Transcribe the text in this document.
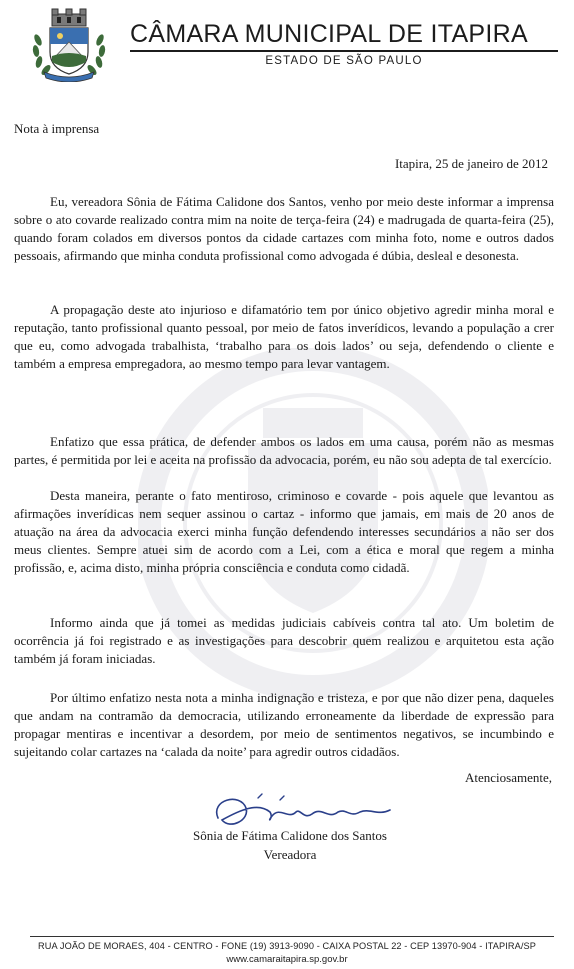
CÂMARA MUNICIPAL DE ITAPIRA
ESTADO DE SÃO PAULO
Nota à imprensa
Itapira, 25 de janeiro de 2012

Eu, vereadora Sônia de Fátima Calidone dos Santos, venho por meio deste informar a imprensa sobre o ato covarde realizado contra mim na noite de terça-feira (24) e madrugada de quarta-feira (25), quando foram colados em diversos pontos da cidade cartazes com minha foto, nome e outros dados pessoais, afirmando que minha conduta profissional como advogada é dúbia, desleal e desonesta.

A propagação deste ato injurioso e difamatório tem por único objetivo agredir minha moral e reputação, tanto profissional quanto pessoal, por meio de fatos inverídicos, levando a população a crer que eu, como advogada trabalhista, ‘trabalho para os dois lados’ ou seja, defendendo o cliente e também a empresa empregadora, ao mesmo tempo para levar vantagem.

Enfatizo que essa prática, de defender ambos os lados em uma causa, porém não as mesmas partes, é permitida por lei e aceita na profissão da advocacia, porém, eu não sou adepta de tal exercício.

Desta maneira, perante o fato mentiroso, criminoso e covarde - pois aquele que levantou as afirmações inverídicas nem sequer assinou o cartaz - informo que jamais, em mais de 20 anos de atuação na área da advocacia exerci minha função defendendo interesses secundários a não ser dos meus clientes. Sempre atuei sim de acordo com a Lei, com a ética e moral que regem a minha profissão, e, acima disto, minha própria consciência e conduta como cidadã.

Informo ainda que já tomei as medidas judiciais cabíveis contra tal ato. Um boletim de ocorrência já foi registrado e as investigações para descobrir quem realizou e arquitetou esta ação também já foram iniciadas.

Por último enfatizo nesta nota a minha indignação e tristeza, e por que não dizer pena, daqueles que andam na contramão da democracia, utilizando erroneamente da liberdade de expressão para propagar mentiras e incentivar a desordem, por meio de sentimentos negativos, se incumbindo e sujeitando colar cartazes na ‘calada da noite’ para agredir outros cidadãos.

Atenciosamente,
Sônia de Fátima Calidone dos Santos
Vereadora
RUA JOÃO DE MORAES, 404 - CENTRO - FONE (19) 3913-9090 - CAIXA POSTAL 22 - CEP 13970-904 - ITAPIRA/SP
www.camaraitapira.sp.gov.br
